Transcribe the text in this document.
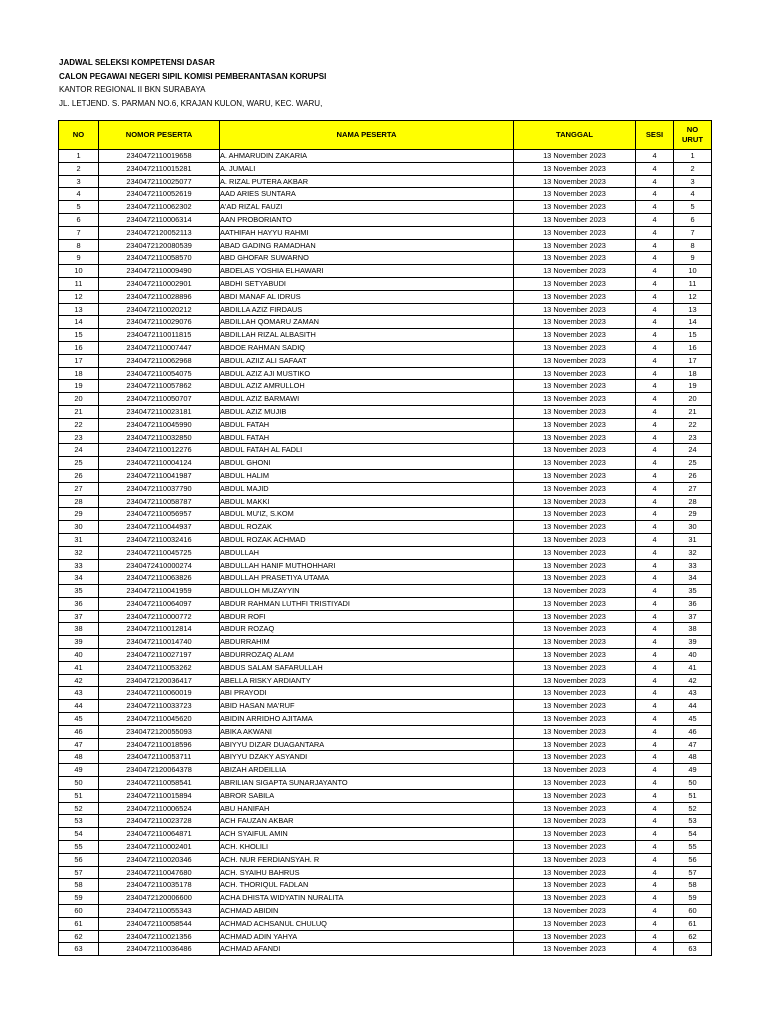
JADWAL SELEKSI KOMPETENSI DASAR
CALON PEGAWAI NEGERI SIPIL KOMISI PEMBERANTASAN KORUPSI
KANTOR REGIONAL II BKN SURABAYA
JL. LETJEND. S. PARMAN NO.6, KRAJAN KULON, WARU, KEC. WARU,
NO	NOMOR PESERTA	NAMA PESERTA	TANGGAL	SESI	NO
URUT
1	2340472110019658	A. AHMARUDIN ZAKARIA	13 November 2023	4	1
2	2340472110015281	A. JUMALI	13 November 2023	4	2
3	2340472110025077	A. RIZAL PUTERA AKBAR	13 November 2023	4	3
4	2340472110052619	AAD ARIES SUNTARA	13 November 2023	4	4
5	2340472110062302	A'AD RIZAL FAUZI	13 November 2023	4	5
6	2340472110006314	AAN PROBORIANTO	13 November 2023	4	6
7	2340472120052113	AATHIFAH HAYYU RAHMI	13 November 2023	4	7
8	2340472120080539	ABAD GADING RAMADHAN	13 November 2023	4	8
9	2340472110058570	ABD GHOFAR SUWARNO	13 November 2023	4	9
10	2340472110009490	ABDELAS YOSHIA ELHAWARI	13 November 2023	4	10
11	2340472110002901	ABDHI SETYABUDI	13 November 2023	4	11
12	2340472110028896	ABDI MANAF AL IDRUS	13 November 2023	4	12
13	2340472110020212	ABDILLA AZIZ FIRDAUS	13 November 2023	4	13
14	2340472110029076	ABDILLAH QOMARU ZAMAN	13 November 2023	4	14
15	2340472110011815	ABDILLAH RIZAL ALBASITH	13 November 2023	4	15
16	2340472110007447	ABDOE RAHMAN SADIQ	13 November 2023	4	16
17	2340472110062968	ABDUL AZIIZ ALI SAFAAT	13 November 2023	4	17
18	2340472110054075	ABDUL AZIZ AJI MUSTIKO	13 November 2023	4	18
19	2340472110057862	ABDUL AZIZ AMRULLOH	13 November 2023	4	19
20	2340472110050707	ABDUL AZIZ BARMAWI	13 November 2023	4	20
21	2340472110023181	ABDUL AZIZ MUJIB	13 November 2023	4	21
22	2340472110045990	ABDUL FATAH	13 November 2023	4	22
23	2340472110032850	ABDUL FATAH	13 November 2023	4	23
24	2340472110012276	ABDUL FATAH AL FADLI	13 November 2023	4	24
25	2340472110004124	ABDUL GHONI	13 November 2023	4	25
26	2340472110041987	ABDUL HALIM	13 November 2023	4	26
27	2340472110037790	ABDUL MAJID	13 November 2023	4	27
28	2340472110058787	ABDUL MAKKI	13 November 2023	4	28
29	2340472110056957	ABDUL MU'IZ, S.KOM	13 November 2023	4	29
30	2340472110044937	ABDUL ROZAK	13 November 2023	4	30
31	2340472110032416	ABDUL ROZAK ACHMAD	13 November 2023	4	31
32	2340472110045725	ABDULLAH	13 November 2023	4	32
33	2340472410000274	ABDULLAH HANIF MUTHOHHARI	13 November 2023	4	33
34	2340472110063826	ABDULLAH PRASETIYA UTAMA	13 November 2023	4	34
35	2340472110041959	ABDULLOH MUZAYYIN	13 November 2023	4	35
36	2340472110064097	ABDUR RAHMAN LUTHFI TRISTIYADI	13 November 2023	4	36
37	2340472110000772	ABDUR ROFI	13 November 2023	4	37
38	2340472110012814	ABDUR ROZAQ	13 November 2023	4	38
39	2340472110014740	ABDURRAHIM	13 November 2023	4	39
40	2340472110027197	ABDURROZAQ ALAM	13 November 2023	4	40
41	2340472110053262	ABDUS SALAM SAFARULLAH	13 November 2023	4	41
42	2340472120036417	ABELLA RISKY ARDIANTY	13 November 2023	4	42
43	2340472110060019	ABI PRAYODI	13 November 2023	4	43
44	2340472110033723	ABID HASAN MA'RUF	13 November 2023	4	44
45	2340472110045620	ABIDIN ARRIDHO AJITAMA	13 November 2023	4	45
46	2340472120055093	ABIKA AKWANI	13 November 2023	4	46
47	2340472110018596	ABIYYU DIZAR DUAGANTARA	13 November 2023	4	47
48	2340472110053711	ABIYYU DZAKY ASYANDI	13 November 2023	4	48
49	2340472120064378	ABIZAH ARDEILLIA	13 November 2023	4	49
50	2340472110058541	ABRILIAN SIGAPTA SUNARJAYANTO	13 November 2023	4	50
51	2340472110015894	ABROR SABILA	13 November 2023	4	51
52	2340472110006524	ABU HANIFAH	13 November 2023	4	52
53	2340472110023728	ACH FAUZAN AKBAR	13 November 2023	4	53
54	2340472110064871	ACH SYAIFUL AMIN	13 November 2023	4	54
55	2340472110002401	ACH. KHOLILI	13 November 2023	4	55
56	2340472110020346	ACH. NUR FERDIANSYAH. R	13 November 2023	4	56
57	2340472110047680	ACH. SYAIHU BAHRUS	13 November 2023	4	57
58	2340472110035178	ACH. THORIQUL FADLAN	13 November 2023	4	58
59	2340472120006600	ACHA DHISTA WIDYATIN NURALITA	13 November 2023	4	59
60	2340472110055343	ACHMAD ABIDIN	13 November 2023	4	60
61	2340472110058544	ACHMAD ACHSANUL CHULUQ	13 November 2023	4	61
62	2340472110021356	ACHMAD ADIN YAHYA	13 November 2023	4	62
63	2340472110036486	ACHMAD AFANDI	13 November 2023	4	63
